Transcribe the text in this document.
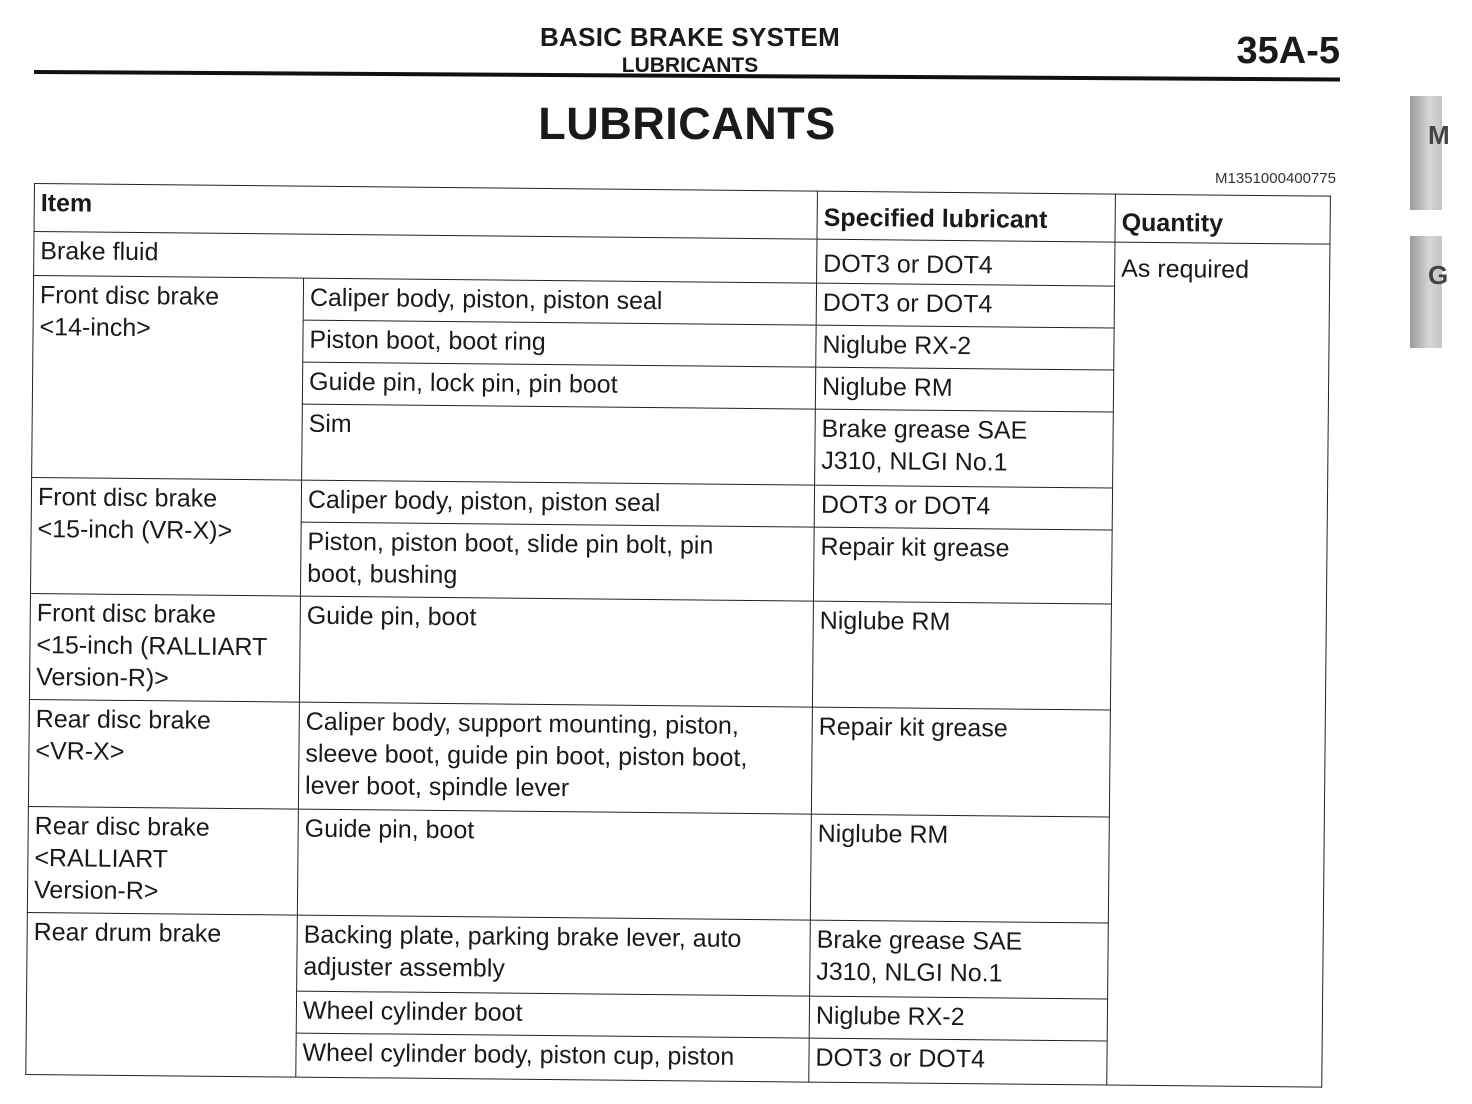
BASIC BRAKE SYSTEM
LUBRICANTS	35A-5
LUBRICANTS
M1351000400775
M
G
Item		Specified lubricant	Quantity
Brake fluid		DOT3 or DOT4	As required

Front disc brake
<14-inch>	Caliper body, piston, piston seal	DOT3 or DOT4	

	Piston boot, boot ring	Niglube RX-2	

	Guide pin, lock pin, pin boot	Niglube RM	

	Sim	Brake grease SAE
J310, NLGI No.1	

Front disc brake
<15-inch (VR-X)>	Caliper body, piston, piston seal	DOT3 or DOT4	

	Piston, piston boot, slide pin bolt, pin
boot, bushing	Repair kit grease	

Front disc brake
<15-inch (RALLIART
Version-R)>	Guide pin, boot	Niglube RM	

Rear disc brake
<VR-X>	Caliper body, support mounting, piston,
sleeve boot, guide pin boot, piston boot,
lever boot, spindle lever	Repair kit grease	

Rear disc brake
<RALLIART
Version-R>	Guide pin, boot	Niglube RM	

Rear drum brake	Backing plate, parking brake lever, auto
adjuster assembly	Brake grease SAE
J310, NLGI No.1	

	Wheel cylinder boot	Niglube RX-2	

	Wheel cylinder body, piston cup, piston	DOT3 or DOT4	
